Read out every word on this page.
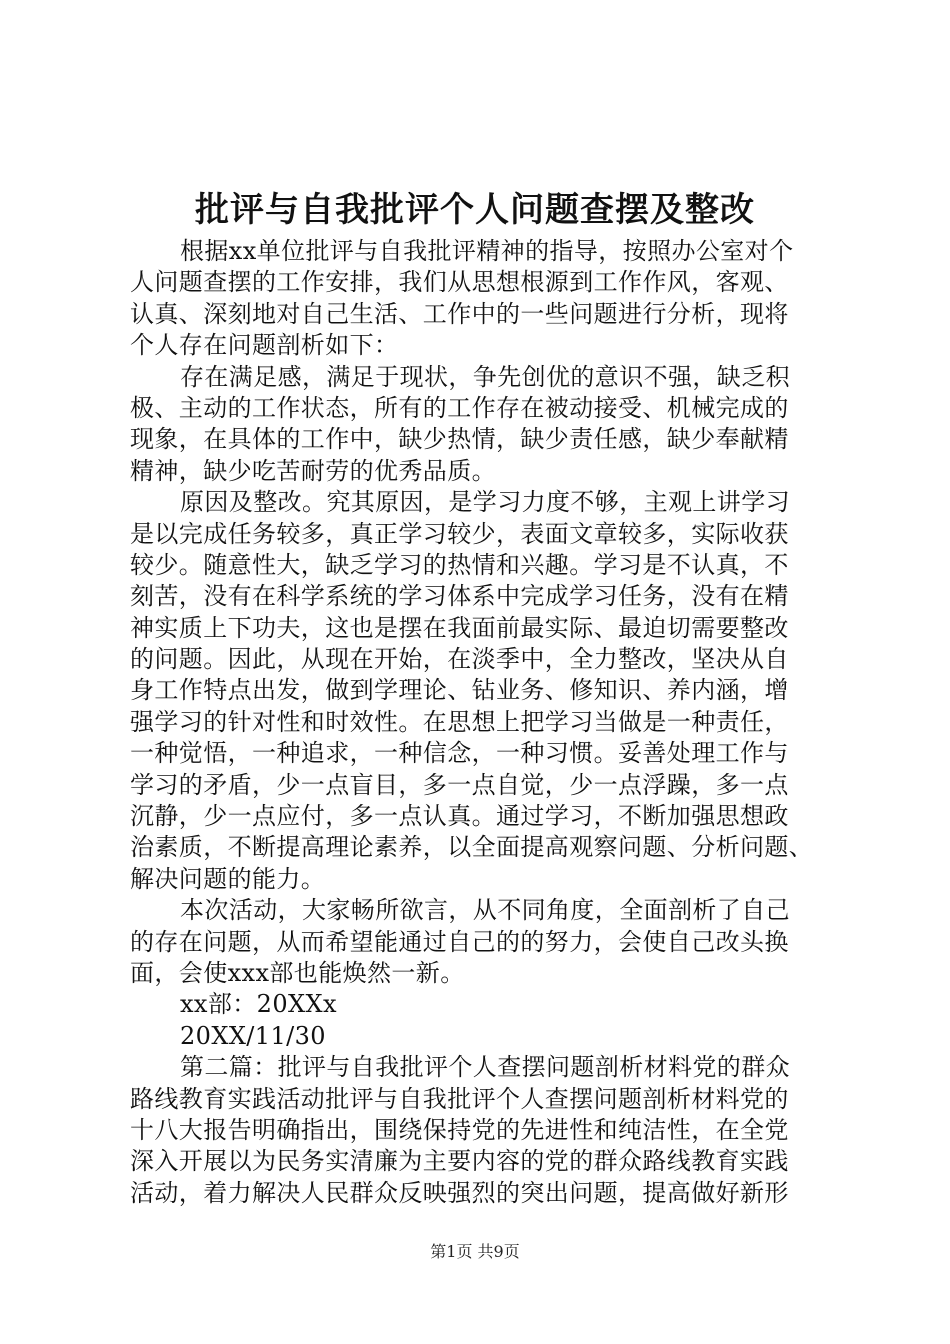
批评与自我批评个人问题查摆及整改
根据xx单位批评与自我批评精神的指导，按照办公室对个
人问题查摆的工作安排，我们从思想根源到工作作风，客观、
认真、深刻地对自己生活、工作中的一些问题进行分析，现将
个人存在问题剖析如下：
存在满足感，满足于现状，争先创优的意识不强，缺乏积
极、主动的工作状态，所有的工作存在被动接受、机械完成的
现象，在具体的工作中，缺少热情，缺少责任感，缺少奉献精
精神，缺少吃苦耐劳的优秀品质。
原因及整改。究其原因，是学习力度不够，主观上讲学习
是以完成任务较多，真正学习较少，表面文章较多，实际收获
较少。随意性大，缺乏学习的热情和兴趣。学习是不认真，不
刻苦，没有在科学系统的学习体系中完成学习任务，没有在精
神实质上下功夫，这也是摆在我面前最实际、最迫切需要整改
的问题。因此，从现在开始，在淡季中，全力整改，坚决从自
身工作特点出发，做到学理论、钻业务、修知识、养内涵，增
强学习的针对性和时效性。在思想上把学习当做是一种责任，
一种觉悟，一种追求，一种信念，一种习惯。妥善处理工作与
学习的矛盾，少一点盲目，多一点自觉，少一点浮躁，多一点
沉静，少一点应付，多一点认真。通过学习，不断加强思想政
治素质，不断提高理论素养，以全面提高观察问题、分析问题、
解决问题的能力。
本次活动，大家畅所欲言，从不同角度，全面剖析了自己
的存在问题，从而希望能通过自己的的努力，会使自己改头换
面，会使xxx部也能焕然一新。
xx部：20XXx
20XX/11/30
第二篇：批评与自我批评个人查摆问题剖析材料党的群众
路线教育实践活动批评与自我批评个人查摆问题剖析材料党的
十八大报告明确指出，围绕保持党的先进性和纯洁性，在全党
深入开展以为民务实清廉为主要内容的党的群众路线教育实践
活动，着力解决人民群众反映强烈的突出问题，提高做好新形
第1页 共9页
